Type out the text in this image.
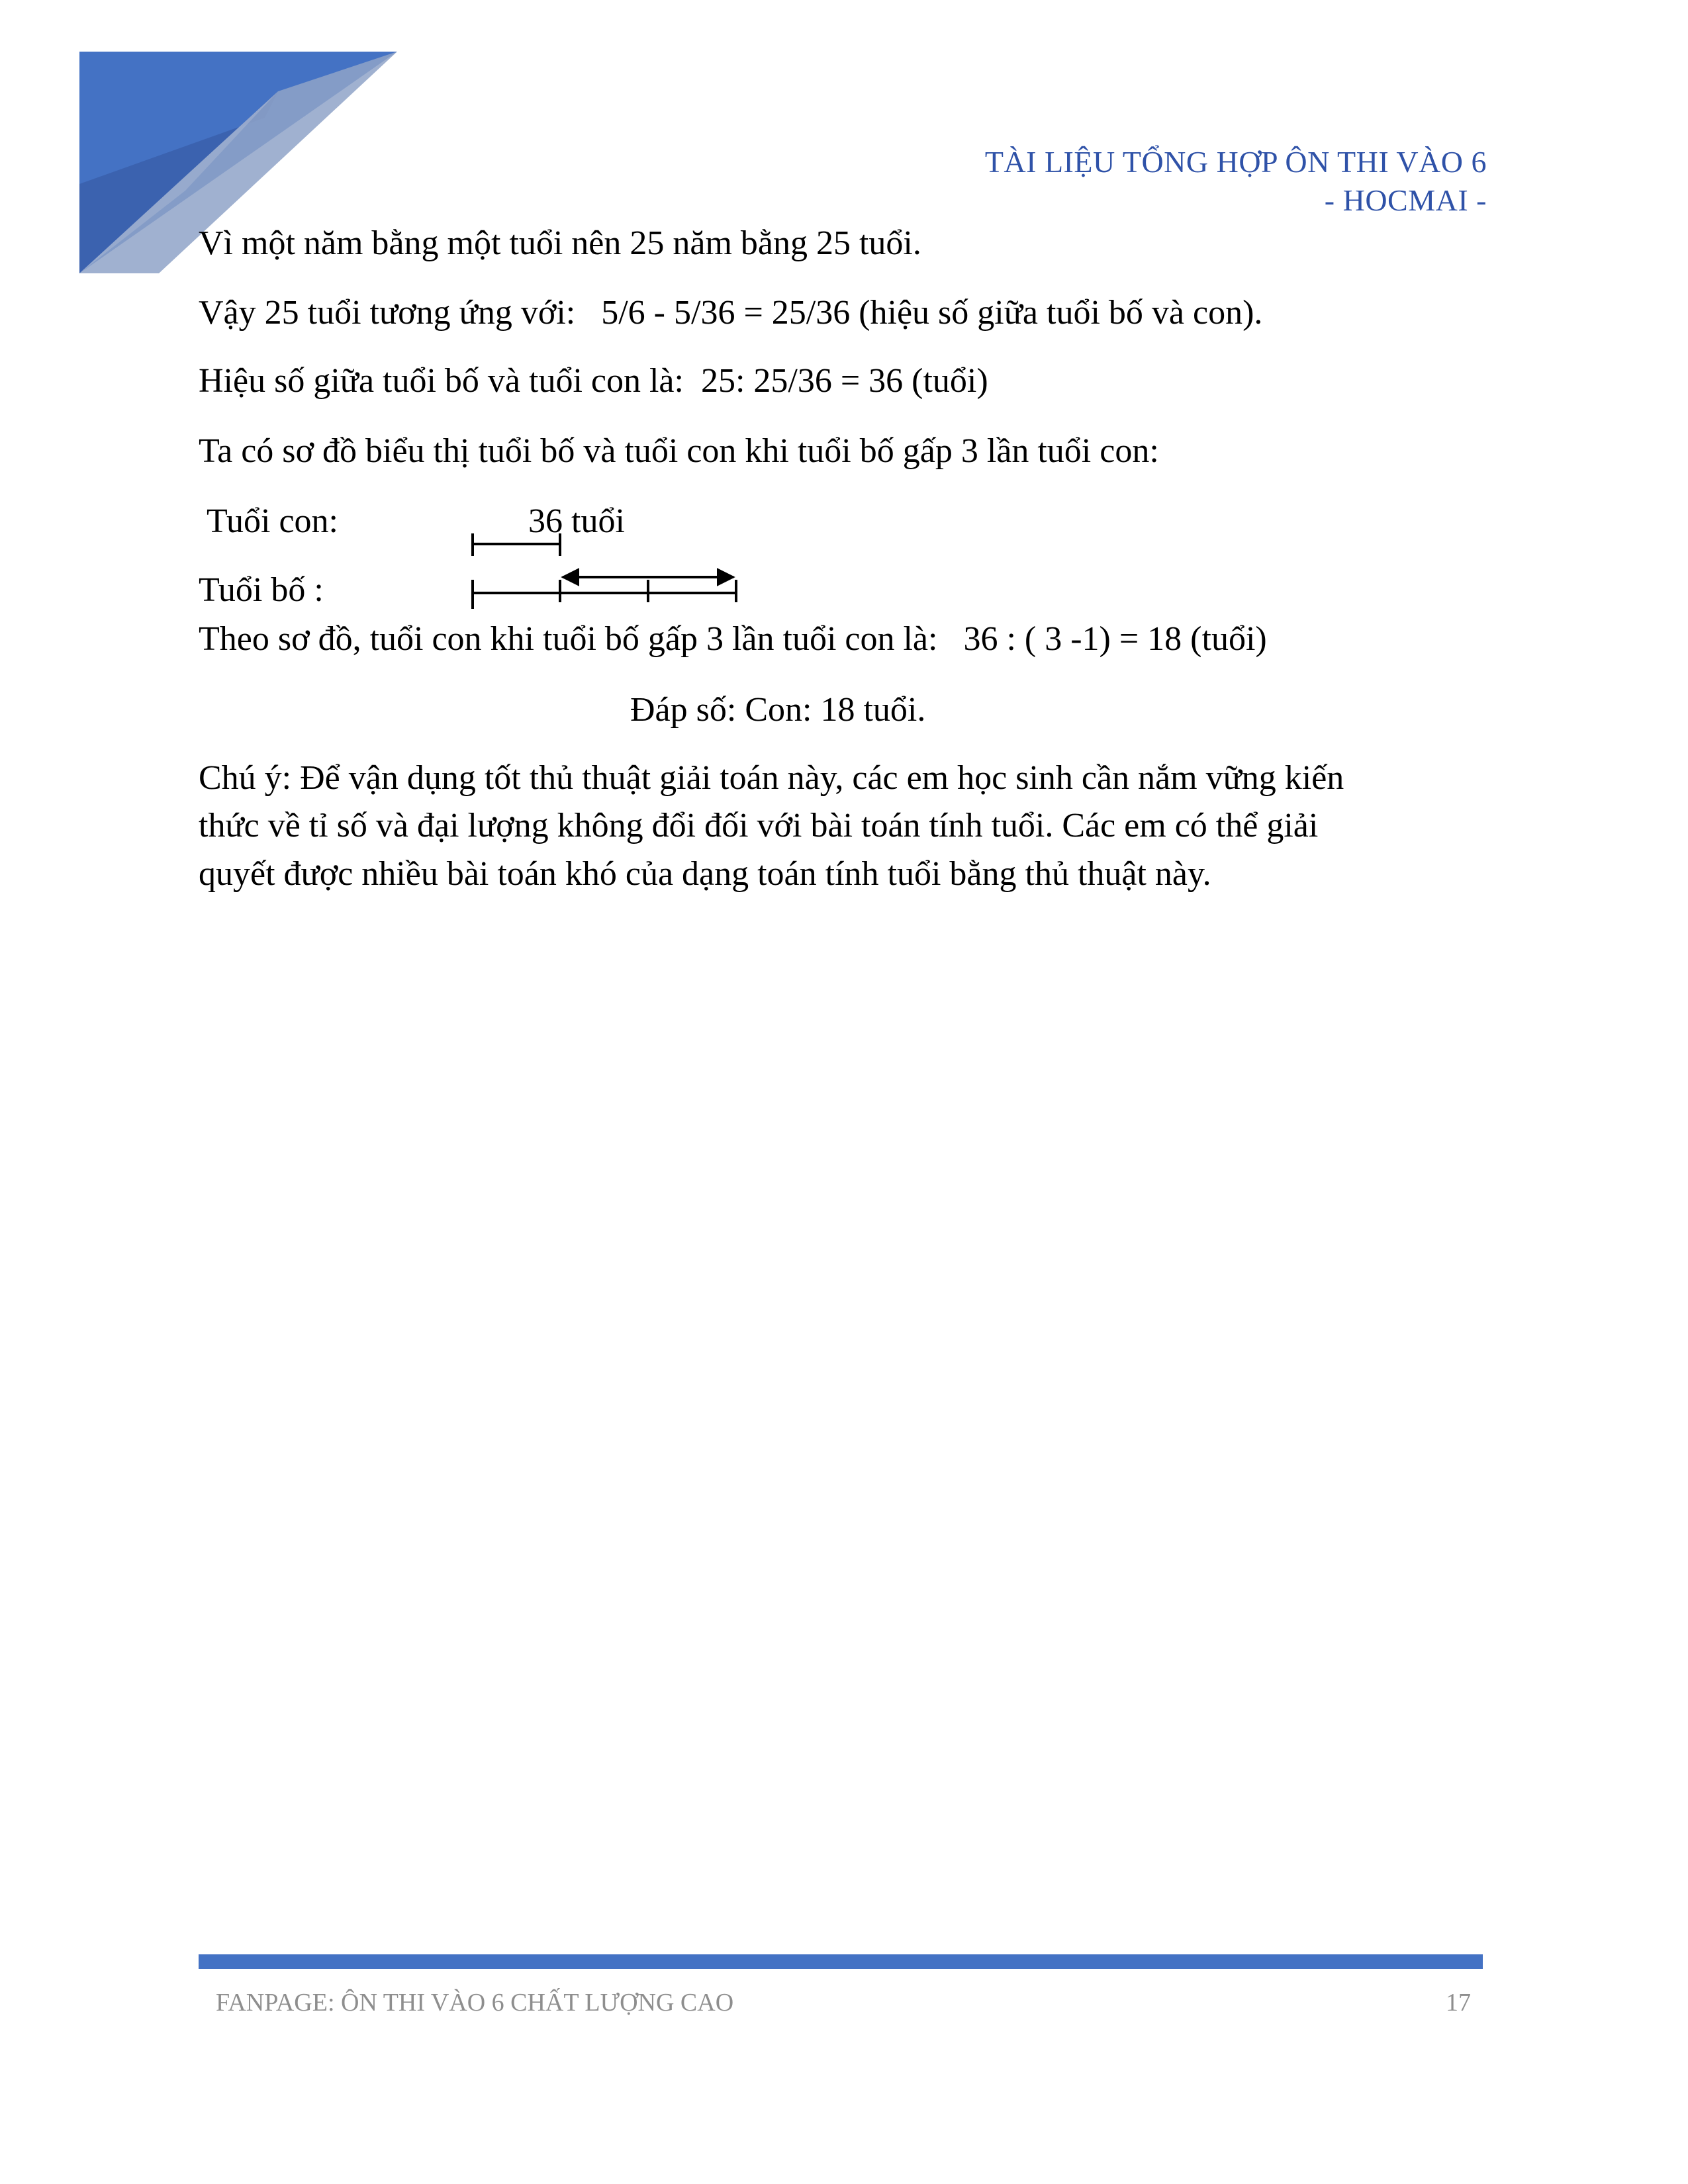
TÀI LIỆU TỔNG HỢP ÔN THI VÀO 6
- HOCMAI -
Vì một năm bằng một tuổi nên 25 năm bằng 25 tuổi.
Vậy 25 tuổi tương ứng với:   5/6 - 5/36 = 25/36 (hiệu số giữa tuổi bố và con).
Hiệu số giữa tuổi bố và tuổi con là:  25: 25/36 = 36 (tuổi)
Ta có sơ đồ biểu thị tuổi bố và tuổi con khi tuổi bố gấp 3 lần tuổi con:
Tuổi con:	36 tuổi
Tuổi bố :
Theo sơ đồ, tuổi con khi tuổi bố gấp 3 lần tuổi con là:   36 : ( 3 -1) = 18 (tuổi)
Đáp số: Con: 18 tuổi.
Chú ý: Để vận dụng tốt thủ thuật giải toán này, các em học sinh cần nắm vững kiến
thức về tỉ số và đại lượng không đổi đối với bài toán tính tuổi. Các em có thể giải
quyết được nhiều bài toán khó của dạng toán tính tuổi bằng thủ thuật này.
FANPAGE: ÔN THI VÀO 6 CHẤT LƯỢNG CAO	17
